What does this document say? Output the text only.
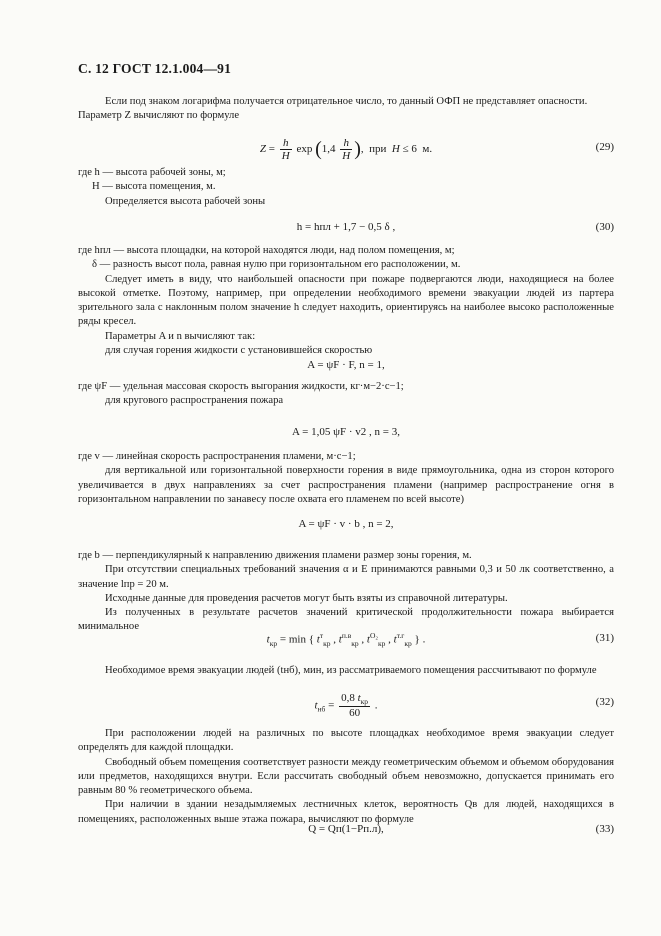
С. 12 ГОСТ 12.1.004—91

Если под знаком логарифма получается отрицательное число, то данный ОФП не представляет опасности.

Параметр Z вычисляют по формуле

$Z = \frac{h}{H}$ $\exp (1,4 \frac{h}{H}$ ),  при  H ≤ 6  м.	(29)

где h — высота рабочей зоны, м;

H — высота помещения, м.

Определяется высота рабочей зоны

h = hпл + 1,7 − 0,5 δ ,	(30)

где hпл — высота площадки, на которой находятся люди, над полом помещения, м;

δ — разность высот пола, равная нулю при горизонтальном его расположении, м.

Следует иметь в виду, что наибольшей опасности при пожаре подвергаются люди, находящиеся на более высокой отметке. Поэтому, например, при определении необходимого времени эвакуации людей из партера зрительного зала с наклонным полом значение h следует находить, ориентируясь на наиболее высоко расположенные ряды кресел.

Параметры A и n вычисляют так:

для случая горения жидкости с установившейся скоростью

A = ψF · F, n = 1,

где ψF — удельная массовая скорость выгорания жидкости, кг·м−2·с−1;

для кругового распространения пожара

A = 1,05 ψF · v2 , n = 3,

где v — линейная скорость распространения пламени, м·с−1;

для вертикальной или горизонтальной поверхности горения в виде прямоугольника, одна из сторон которого увеличивается в двух направлениях за счет распространения пламени (например распространение огня в горизонтальном направлении по занавесу после охвата его пламенем по всей высоте)

A = ψF · v · b , n = 2,

где b — перпендикулярный к направлению движения пламени размер зоны горения, м.

При отсутствии специальных требований значения α и Е принимаются равными 0,3 и 50 лк соответственно, а значение lпр = 20 м.

Исходные данные для проведения расчетов могут быть взяты из справочной литературы.

Из полученных в результате расчетов значений критической продолжительности пожара выбирается минимальное

$t_{кр} = \min$ { $t^т_{кр}$ , $t^{п.в}_{кр}$ , $t^{O_2}_{кр}$ , $t^{т.г}_{кр}$ } .	(31)

Необходимое время эвакуации людей (tнб), мин, из рассматриваемого помещения рассчитывают по формуле

$t_{нб} = \frac{0,8 t_{кр}}{60}$ .	(32)

При расположении людей на различных по высоте площадках необходимое время эвакуации следует определять для каждой площадки.

Свободный объем помещения соответствует разности между геометрическим объемом и объемом оборудования или предметов, находящихся внутри. Если рассчитать свободный объем невозможно, допускается принимать его равным 80 % геометрического объема.

При наличии в здании незадымляемых лестничных клеток, вероятность Qв для людей, находящихся в помещениях, расположенных выше этажа пожара, вычисляют по формуле

Q = Qп(1−Pп.л),	(33)
